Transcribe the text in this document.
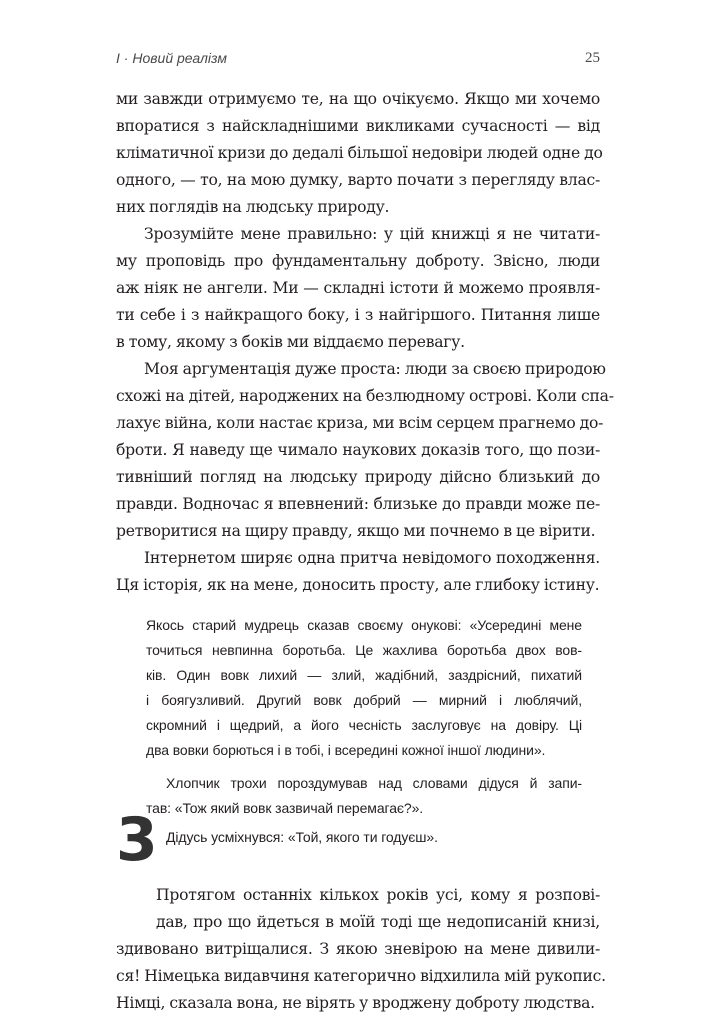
I · Новий реалізм	25
ми завжди отримуємо те, на що очікуємо. Якщо ми хочемо
впоратися з найскладнішими викликами сучасності — від
кліматичної кризи до дедалі більшої недовіри людей одне до
одного, — то, на мою думку, варто почати з перегляду влас-
них поглядів на людську природу.
Зрозумійте мене правильно: у цій книжці я не читати-
му проповідь про фундаментальну доброту. Звісно, люди
аж ніяк не ангели. Ми — складні істоти й можемо проявля-
ти себе і з найкращого боку, і з найгіршого. Питання лише
в тому, якому з боків ми віддаємо перевагу.
Моя аргументація дуже проста: люди за своєю природою
схожі на дітей, народжених на безлюдному острові. Коли спа-
лахує війна, коли настає криза, ми всім серцем прагнемо до-
броти. Я наведу ще чимало наукових доказів того, що пози-
тивніший погляд на людську природу дійсно близький до
правди. Водночас я впевнений: близьке до правди може пе-
ретворитися на щиру правду, якщо ми почнемо в це вірити.
Інтернетом ширяє одна притча невідомого походження.
Ця історія, як на мене, доносить просту, але глибоку істину.
Якось старий мудрець сказав своєму онукові: «Усередині мене
точиться невпинна боротьба. Це жахлива боротьба двох вов-
ків. Один вовк лихий — злий, жадібний, заздрісний, пихатий
і боягузливий. Другий вовк добрий — мирний і люблячий,
скромний і щедрий, а його чесність заслуговує на довіру. Ці
два вовки борються і в тобі, і всередині кожної іншої людини».
Хлопчик трохи пороздумував над словами дідуся й запи-
тав: «Тож який вовк зазвичай перемагає?».
Дідусь усміхнувся: «Той, якого ти годуєш».
3
Протягом останніх кількох років усі, кому я розпові-
дав, про що йдеться в моїй тоді ще недописаній книзі,
здивовано витріщалися. З якою зневірою на мене дивили-
ся! Німецька видавчиня категорично відхилила мій рукопис.
Німці, сказала вона, не вірять у вроджену доброту людства.
